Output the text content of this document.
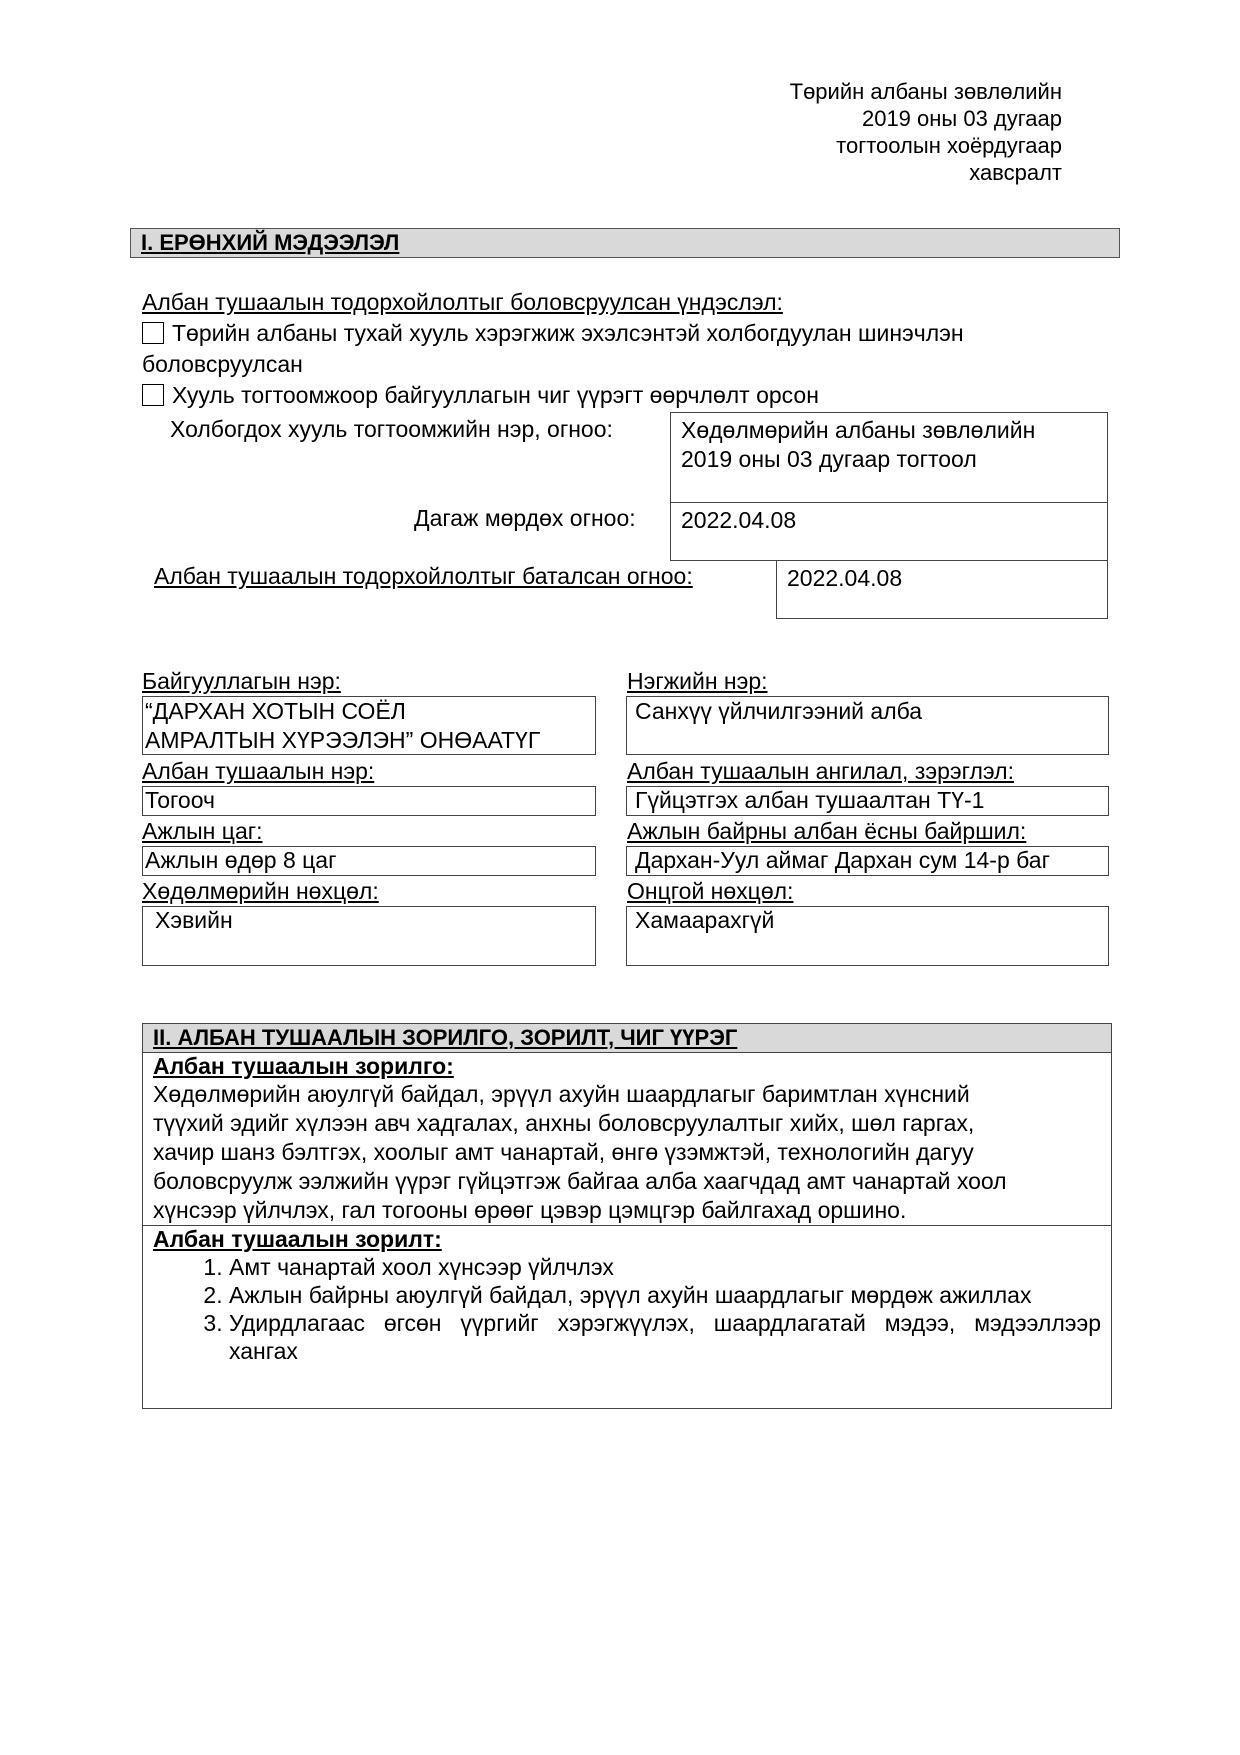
Төрийн албаны зөвлөлийн
2019 оны 03 дугаар
тогтоолын хоёрдугаар
хавсралт
I. ЕРӨНХИЙ МЭДЭЭЛЭЛ
Албан тушаалын тодорхойлолтыг боловсруулсан үндэслэл:
Төрийн албаны тухай хууль хэрэгжиж эхэлсэнтэй холбогдуулан шинэчлэн
боловсруулсан
Хууль тогтоомжоор байгууллагын чиг үүрэгт өөрчлөлт орсон
Холбогдох хууль тогтоомжийн нэр, огноо:	Хөдөлмөрийн албаны зөвлөлийн
2019 оны 03 дугаар тогтоол
Дагаж мөрдөх огноо:	2022.04.08
Албан тушаалын тодорхойлолтыг баталсан огноо:	2022.04.08
Байгууллагын нэр:
“ДАРХАН ХОТЫН СОЁЛ
АМРАЛТЫН ХҮРЭЭЛЭН” ОНӨААТҮГ
Албан тушаалын нэр:
Тогооч
Ажлын цаг:
Ажлын өдөр 8 цаг
Хөдөлмөрийн нөхцөл:
Хэвийн
Нэгжийн нэр:
Санхүү үйлчилгээний алба
Албан тушаалын ангилал, зэрэглэл:
Гүйцэтгэх албан тушаалтан ТҮ-1
Ажлын байрны албан ёсны байршил:
Дархан-Уул аймаг Дархан сум 14-р баг
Онцгой нөхцөл:
Хамаарахгүй
II. АЛБАН ТУШААЛЫН ЗОРИЛГО, ЗОРИЛТ, ЧИГ ҮҮРЭГ
Албан тушаалын зорилго:
Хөдөлмөрийн аюулгүй байдал, эрүүл ахуйн шаардлагыг баримтлан хүнсний
түүхий эдийг хүлээн авч хадгалах, анхны боловсруулалтыг хийх, шөл гаргах,
хачир шанз бэлтгэх, хоолыг амт чанартай, өнгө үзэмжтэй, технологийн дагуу
боловсруулж ээлжийн үүрэг гүйцэтгэж байгаа алба хаагчдад амт чанартай хоол
хүнсээр үйлчлэх, гал тогооны өрөөг цэвэр цэмцгэр байлгахад оршино.
Албан тушаалын зорилт:
1. Амт чанартай хоол хүнсээр үйлчлэх
2. Ажлын байрны аюулгүй байдал, эрүүл ахуйн шаардлагыг мөрдөж ажиллах
3. Удирдлагаас өгсөн үүргийг хэрэгжүүлэх, шаардлагатай мэдээ, мэдээллээр хангах
